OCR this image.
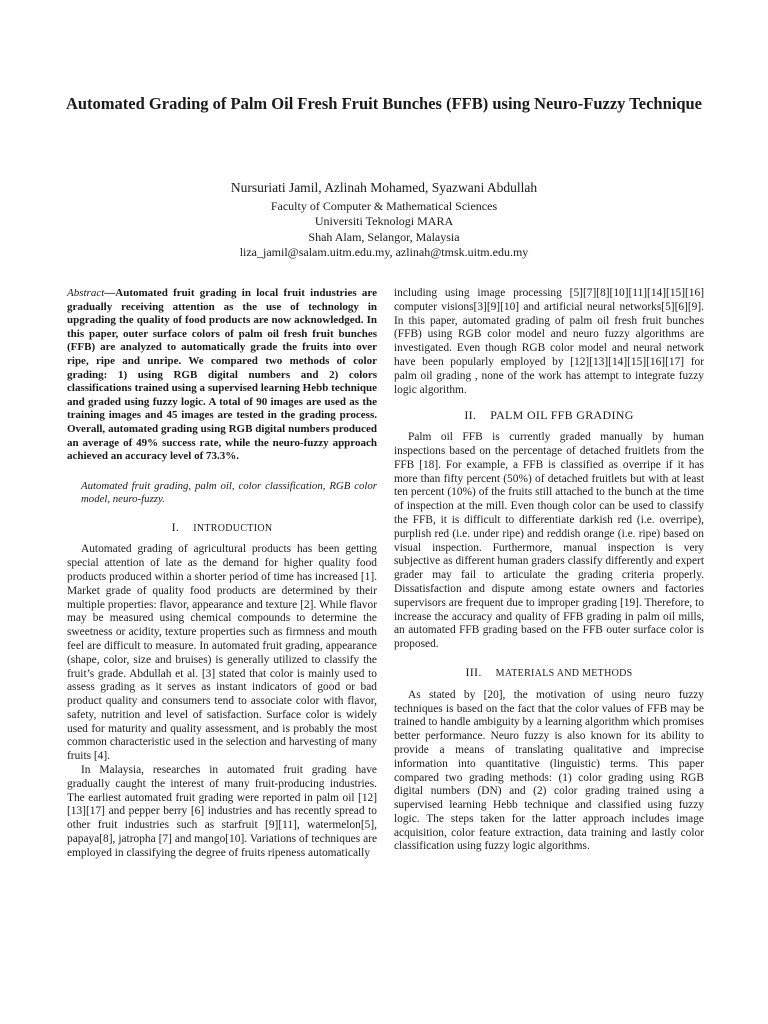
Automated Grading of Palm Oil Fresh Fruit Bunches (FFB) using Neuro-Fuzzy Technique
Nursuriati Jamil, Azlinah Mohamed, Syazwani Abdullah
Faculty of Computer & Mathematical Sciences
Universiti Teknologi MARA
Shah Alam, Selangor, Malaysia
liza_jamil@salam.uitm.edu.my, azlinah@tmsk.uitm.edu.my

Abstract—Automated fruit grading in local fruit industries are gradually receiving attention as the use of technology in upgrading the quality of food products are now acknowledged. In this paper, outer surface colors of palm oil fresh fruit bunches (FFB) are analyzed to automatically grade the fruits into over ripe, ripe and unripe. We compared two methods of color grading: 1) using RGB digital numbers and 2) colors classifications trained using a supervised learning Hebb technique and graded using fuzzy logic. A total of 90 images are used as the training images and 45 images are tested in the grading process. Overall, automated grading using RGB digital numbers produced an average of 49% success rate, while the neuro-fuzzy approach achieved an accuracy level of 73.3%.

Automated fruit grading, palm oil, color classification, RGB color model, neuro-fuzzy.

I. INTRODUCTION

Automated grading of agricultural products has been getting special attention of late as the demand for higher quality food products produced within a shorter period of time has increased [1]. Market grade of quality food products are determined by their multiple properties: flavor, appearance and texture [2]. While flavor may be measured using chemical compounds to determine the sweetness or acidity, texture properties such as firmness and mouth feel are difficult to measure. In automated fruit grading, appearance (shape, color, size and bruises) is generally utilized to classify the fruit’s grade. Abdullah et al. [3] stated that color is mainly used to assess grading as it serves as instant indicators of good or bad product quality and consumers tend to associate color with flavor, safety, nutrition and level of satisfaction. Surface color is widely used for maturity and quality assessment, and is probably the most common characteristic used in the selection and harvesting of many fruits [4].

In Malaysia, researches in automated fruit grading have gradually caught the interest of many fruit-producing industries. The earliest automated fruit grading were reported in palm oil [12][13][17] and pepper berry [6] industries and has recently spread to other fruit industries such as starfruit [9][11], watermelon[5], papaya[8], jatropha [7] and mango[10]. Variations of techniques are employed in classifying the degree of fruits ripeness automatically

including using image processing [5][7][8][10][11][14][15][16] computer visions[3][9][10] and artificial neural networks[5][6][9]. In this paper, automated grading of palm oil fresh fruit bunches (FFB) using RGB color model and neuro fuzzy algorithms are investigated. Even though RGB color model and neural network have been popularly employed by [12][13][14][15][16][17] for palm oil grading , none of the work has attempt to integrate fuzzy logic algorithm.

II. PALM OIL FFB GRADING

Palm oil FFB is currently graded manually by human inspections based on the percentage of detached fruitlets from the FFB [18]. For example, a FFB is classified as overripe if it has more than fifty percent (50%) of detached fruitlets but with at least ten percent (10%) of the fruits still attached to the bunch at the time of inspection at the mill. Even though color can be used to classify the FFB, it is difficult to differentiate darkish red (i.e. overripe), purplish red (i.e. under ripe) and reddish orange (i.e. ripe) based on visual inspection. Furthermore, manual inspection is very subjective as different human graders classify differently and expert grader may fail to articulate the grading criteria properly. Dissatisfaction and dispute among estate owners and factories supervisors are frequent due to improper grading [19]. Therefore, to increase the accuracy and quality of FFB grading in palm oil mills, an automated FFB grading based on the FFB outer surface color is proposed.

III. MATERIALS AND METHODS

As stated by [20], the motivation of using neuro fuzzy techniques is based on the fact that the color values of FFB may be trained to handle ambiguity by a learning algorithm which promises better performance. Neuro fuzzy is also known for its ability to provide a means of translating qualitative and imprecise information into quantitative (linguistic) terms. This paper compared two grading methods: (1) color grading using RGB digital numbers (DN) and (2) color grading trained using a supervised learning Hebb technique and classified using fuzzy logic. The steps taken for the latter approach includes image acquisition, color feature extraction, data training and lastly color classification using fuzzy logic algorithms.
